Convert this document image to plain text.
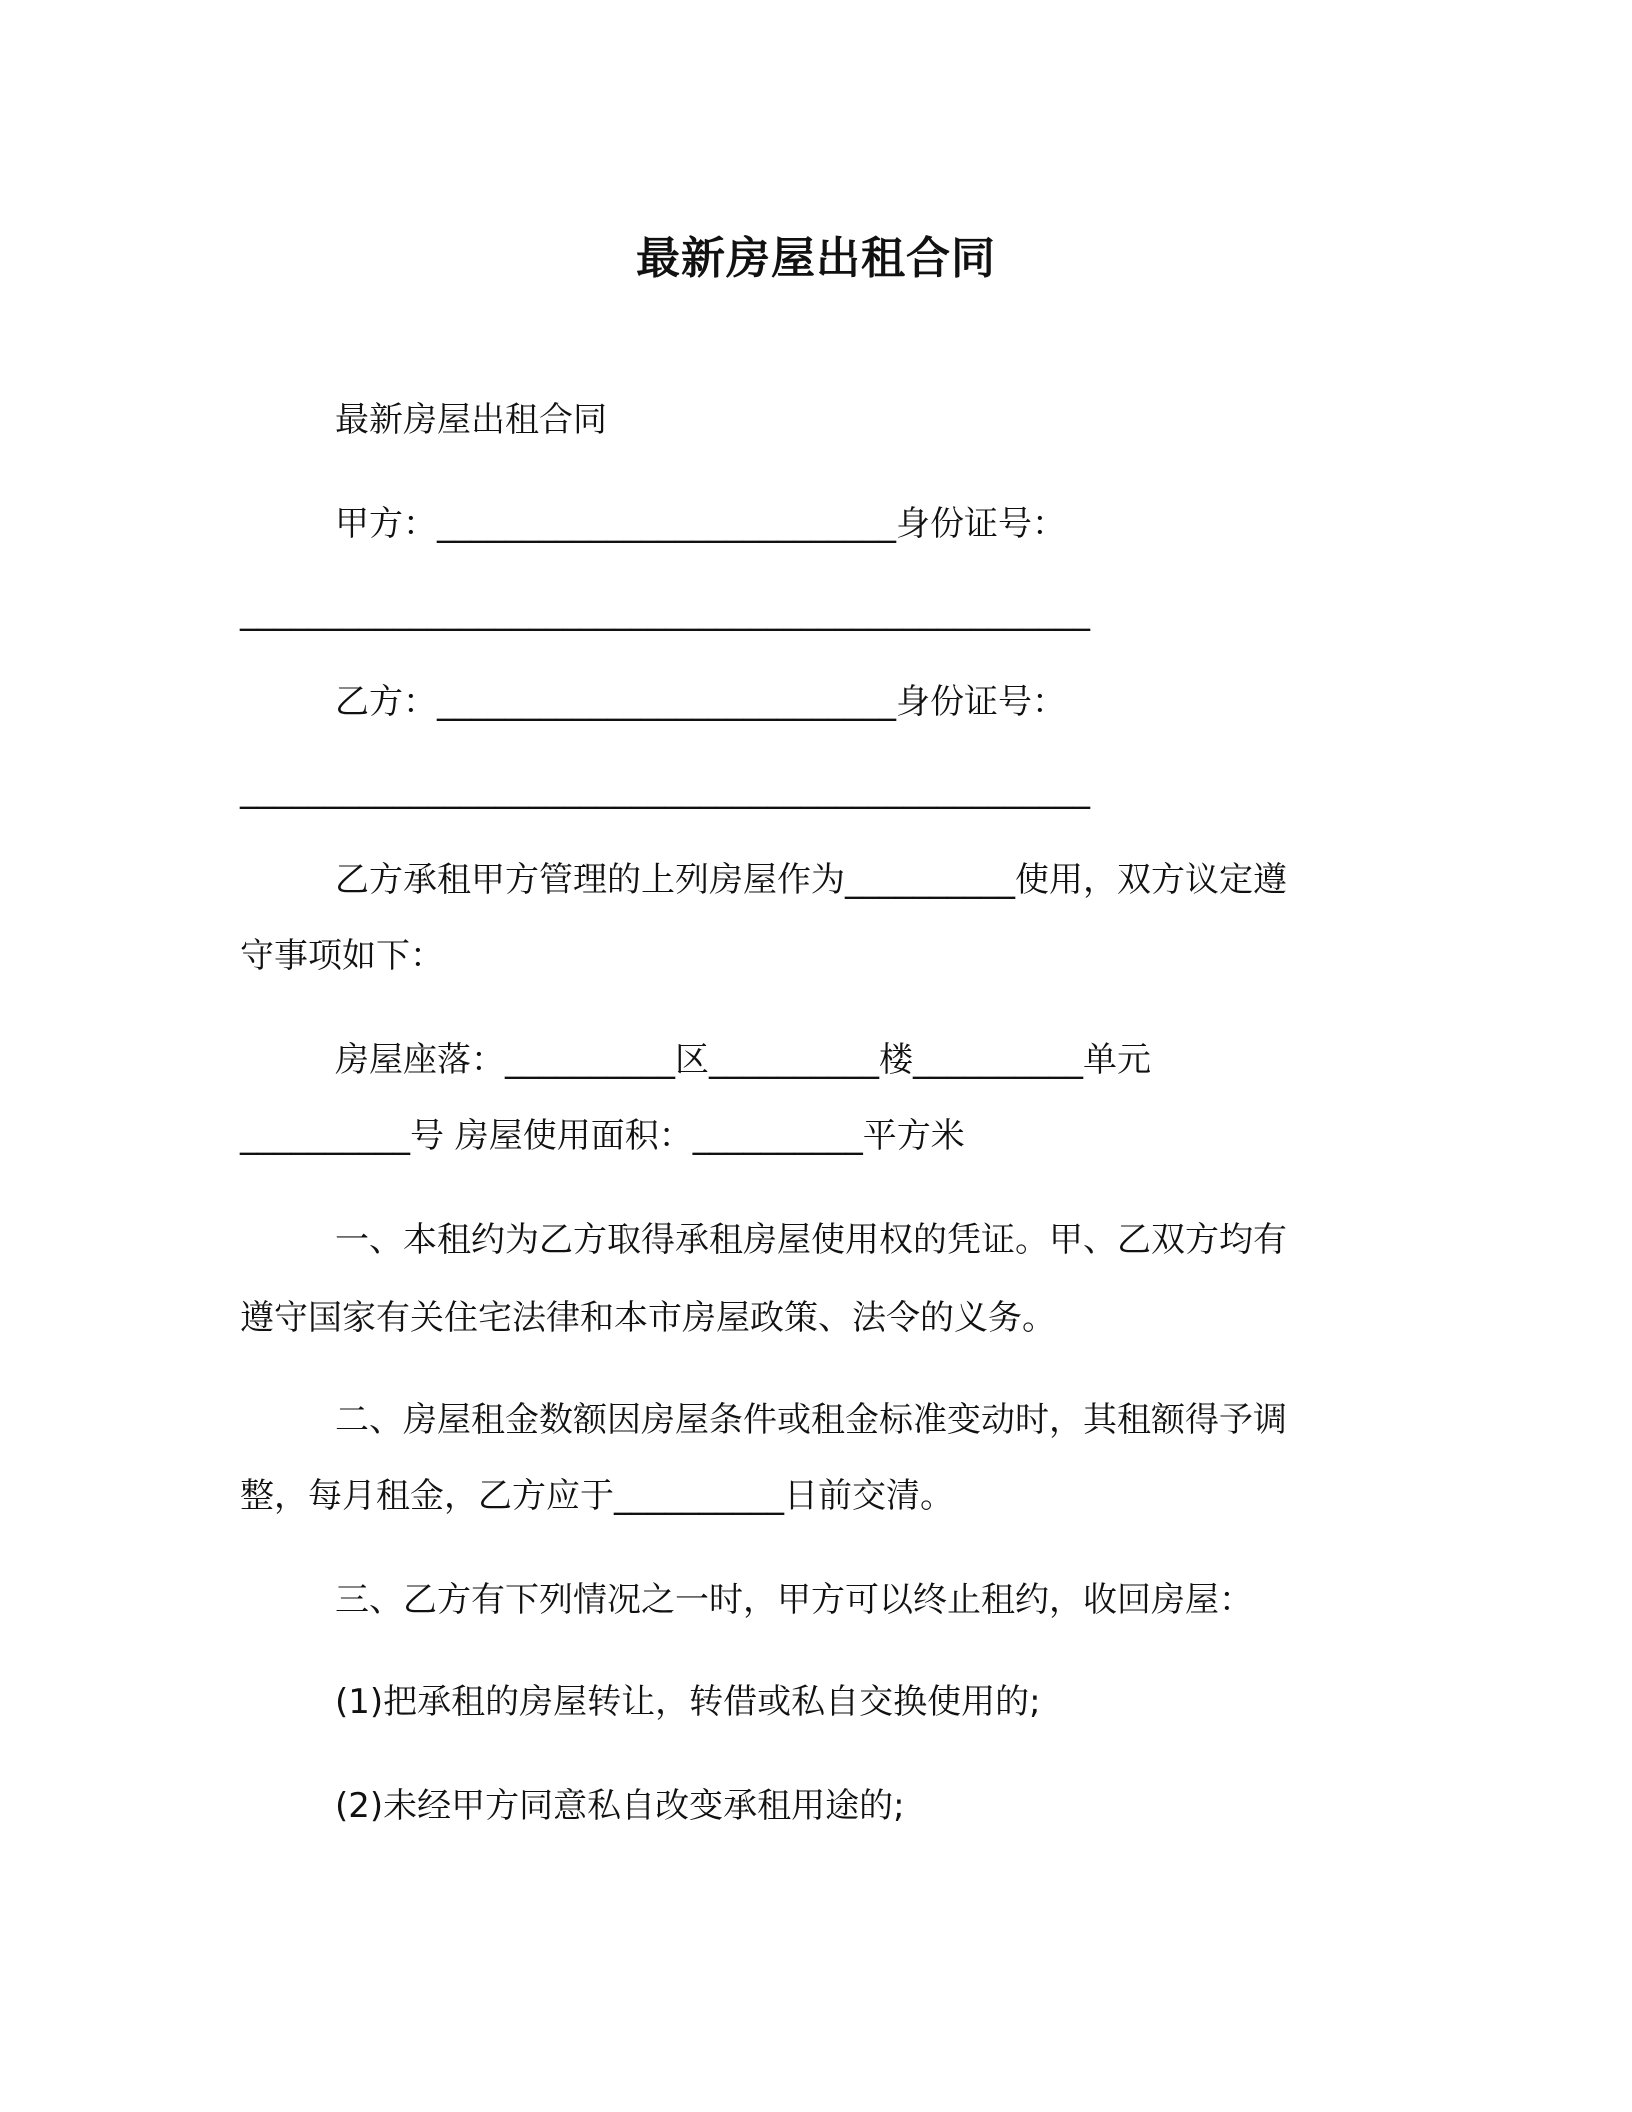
最新房屋出租合同
最新房屋出租合同
甲方：___________________________身份证号：
__________________________________________________
乙方：___________________________身份证号：
__________________________________________________
乙方承租甲方管理的上列房屋作为__________使用，双方议定遵
守事项如下：
房屋座落：__________区__________楼__________单元
__________号 房屋使用面积：__________平方米
一、本租约为乙方取得承租房屋使用权的凭证。甲、乙双方均有
遵守国家有关住宅法律和本市房屋政策、法令的义务。
二、房屋租金数额因房屋条件或租金标准变动时，其租额得予调
整，每月租金，乙方应于__________日前交清。
三、乙方有下列情况之一时，甲方可以终止租约，收回房屋：
(1)把承租的房屋转让，转借或私自交换使用的;
(2)未经甲方同意私自改变承租用途的;
